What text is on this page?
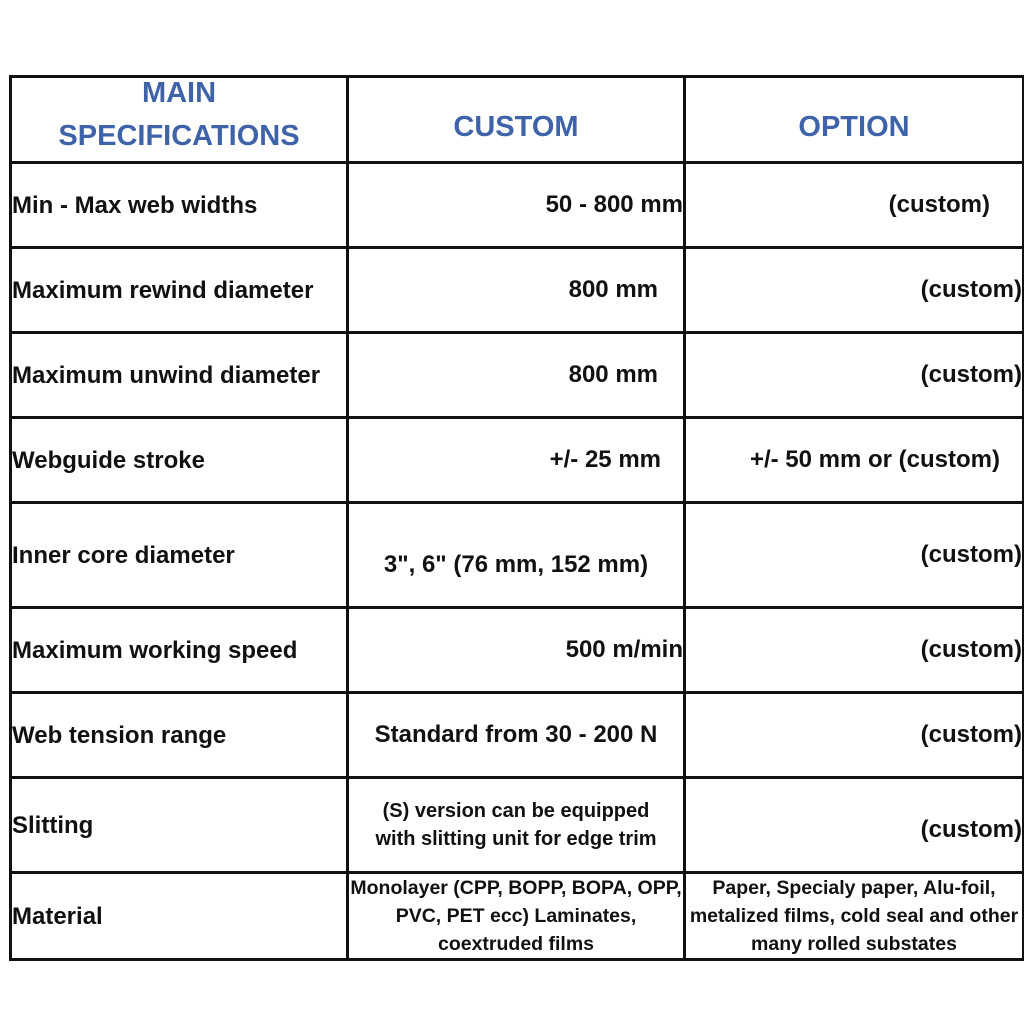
MAIN
SPECIFICATIONS	CUSTOM	OPTION

Min - Max web widths	50 - 800 mm	(custom)
Maximum rewind diameter	800 mm	(custom)
Maximum unwind diameter	800 mm	(custom)
Webguide stroke	+/- 25 mm	+/- 50 mm or (custom)
Inner core diameter	3", 6" (76 mm, 152 mm)	(custom)
Maximum working speed	500 m/min	(custom)
Web tension range	Standard from 30 - 200 N	(custom)
Slitting	(S) version can be equipped with slitting unit for edge trim	(custom)
Material	Monolayer (CPP, BOPP, BOPA, OPP, PVC, PET ecc) Laminates, coextruded films	Paper, Specialy paper, Alu-foil, metalized films, cold seal and other many rolled substates
